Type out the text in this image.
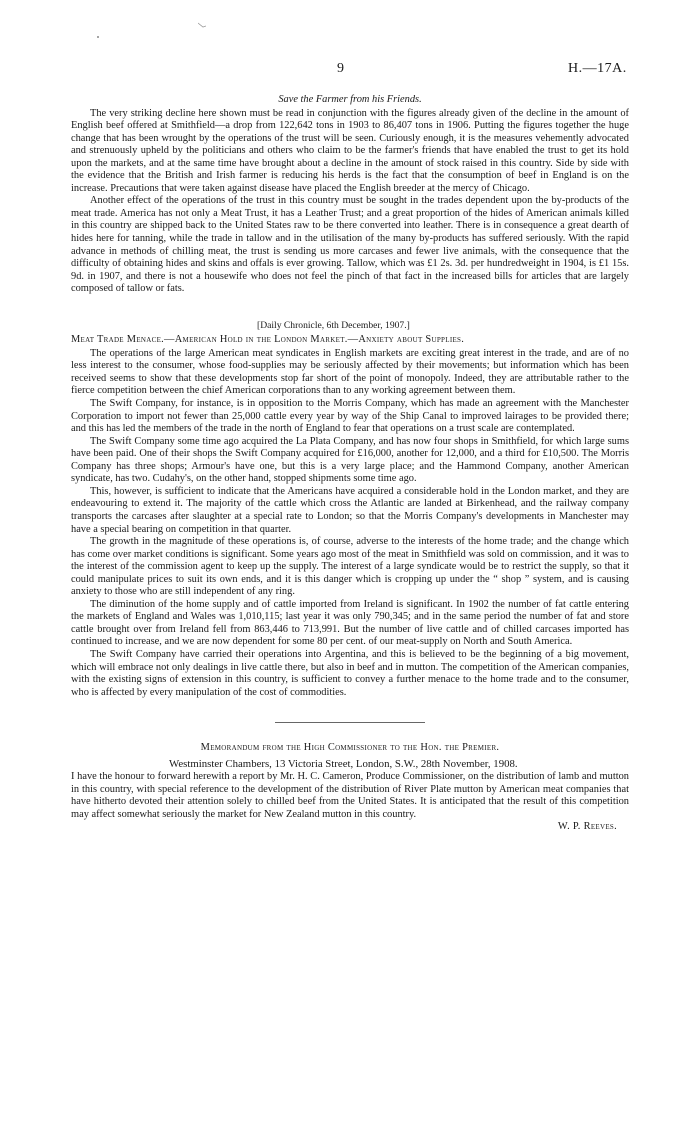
9	H.—17A.

Save the Farmer from his Friends.

The very striking decline here shown must be read in conjunction with the figures already given of the decline in the amount of English beef offered at Smithfield—a drop from 122,642 tons in 1903 to 86,407 tons in 1906. Putting the figures together the huge change that has been wrought by the operations of the trust will be seen. Curiously enough, it is the measures vehemently advocated and strenuously upheld by the politicians and others who claim to be the farmer's friends that have enabled the trust to get its hold upon the markets, and at the same time have brought about a decline in the amount of stock raised in this country. Side by side with the evidence that the British and Irish farmer is reducing his herds is the fact that the consumption of beef in England is on the increase. Precautions that were taken against disease have placed the English breeder at the mercy of Chicago.

Another effect of the operations of the trust in this country must be sought in the trades dependent upon the by-products of the meat trade. America has not only a Meat Trust, it has a Leather Trust; and a great proportion of the hides of American animals killed in this country are shipped back to the United States raw to be there converted into leather. There is in consequence a great dearth of hides here for tanning, while the trade in tallow and in the utilisation of the many by-products has suffered seriously. With the rapid advance in methods of chilling meat, the trust is sending us more carcases and fewer live animals, with the consequence that the difficulty of obtaining hides and skins and offals is ever growing. Tallow, which was £1 2s. 3d. per hundredweight in 1904, is £1 15s. 9d. in 1907, and there is not a housewife who does not feel the pinch of that fact in the increased bills for articles that are largely composed of tallow or fats.

[Daily Chronicle, 6th December, 1907.]

Meat Trade Menace.—American Hold in the London Market.—Anxiety about Supplies.

The operations of the large American meat syndicates in English markets are exciting great interest in the trade, and are of no less interest to the consumer, whose food-supplies may be seriously affected by their movements; but information which has been received seems to show that these developments stop far short of the point of monopoly. Indeed, they are attributable rather to the fierce competition between the chief American corporations than to any working agreement between them.

The Swift Company, for instance, is in opposition to the Morris Company, which has made an agreement with the Manchester Corporation to import not fewer than 25,000 cattle every year by way of the Ship Canal to improved lairages to be provided there; and this has led the members of the trade in the north of England to fear that operations on a trust scale are contemplated.

The Swift Company some time ago acquired the La Plata Company, and has now four shops in Smithfield, for which large sums have been paid. One of their shops the Swift Company acquired for £16,000, another for 12,000, and a third for £10,500. The Morris Company has three shops; Armour's have one, but this is a very large place; and the Hammond Company, another American syndicate, has two. Cudahy's, on the other hand, stopped shipments some time ago.

This, however, is sufficient to indicate that the Americans have acquired a considerable hold in the London market, and they are endeavouring to extend it. The majority of the cattle which cross the Atlantic are landed at Birkenhead, and the railway company transports the carcases after slaughter at a special rate to London; so that the Morris Company's developments in Manchester may have a special bearing on competition in that quarter.

The growth in the magnitude of these operations is, of course, adverse to the interests of the home trade; and the change which has come over market conditions is significant. Some years ago most of the meat in Smithfield was sold on commission, and it was to the interest of the commission agent to keep up the supply. The interest of a large syndicate would be to restrict the supply, so that it could manipulate prices to suit its own ends, and it is this danger which is cropping up under the “ shop ” system, and is causing anxiety to those who are still independent of any ring.

The diminution of the home supply and of cattle imported from Ireland is significant. In 1902 the number of fat cattle entering the markets of England and Wales was 1,010,115; last year it was only 790,345; and in the same period the number of fat and store cattle brought over from Ireland fell from 863,446 to 713,991. But the number of live cattle and of chilled carcases imported has continued to increase, and we are now dependent for some 80 per cent. of our meat-supply on North and South America.

The Swift Company have carried their operations into Argentina, and this is believed to be the beginning of a big movement, which will embrace not only dealings in live cattle there, but also in beef and in mutton. The competition of the American companies, with the existing signs of extension in this country, is sufficient to convey a further menace to the home trade and to the consumer, who is affected by every manipulation of the cost of commodities.

Memorandum from the High Commissioner to the Hon. the Premier.

Westminster Chambers, 13 Victoria Street, London, S.W., 28th November, 1908.

I have the honour to forward herewith a report by Mr. H. C. Cameron, Produce Commissioner, on the distribution of lamb and mutton in this country, with special reference to the development of the distribution of River Plate mutton by American meat companies that have hitherto devoted their attention solely to chilled beef from the United States. It is anticipated that the result of this competition may affect somewhat seriously the market for New Zealand mutton in this country.

W. P. Reeves.
